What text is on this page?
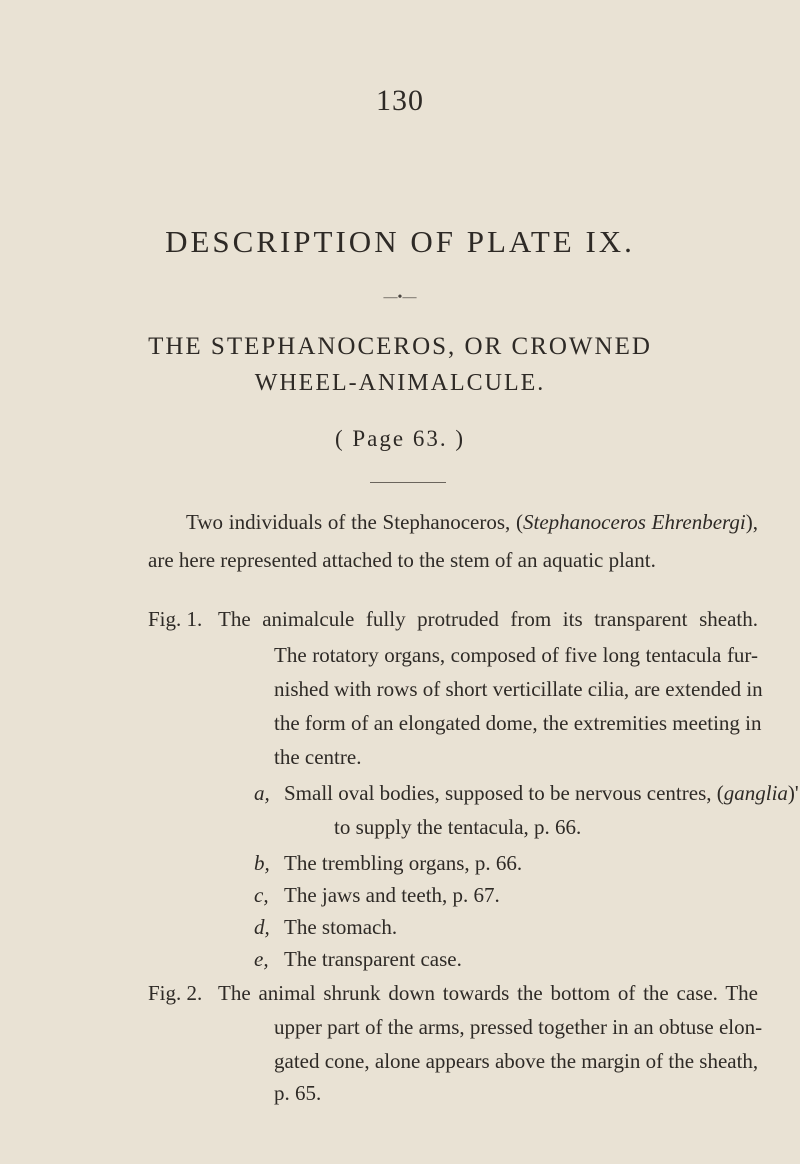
130
DESCRIPTION OF PLATE IX.
—•—
THE STEPHANOCEROS, OR CROWNED
WHEEL-ANIMALCULE.
( Page 63. )
Two individuals of the Stephanoceros, (Stephanoceros Ehrenbergi),
are here represented attached to the stem of an aquatic plant.
Fig. 1. The animalcule fully protruded from its transparent sheath.
The rotatory organs, composed of five long tentacula fur-
nished with rows of short verticillate cilia, are extended in
the form of an elongated dome, the extremities meeting in
the centre.
a, Small oval bodies, supposed to be nervous centres, (ganglia)'
to supply the tentacula, p. 66.
b, The trembling organs, p. 66.
c, The jaws and teeth, p. 67.
d, The stomach.
e, The transparent case.
Fig. 2. The animal shrunk down towards the bottom of the case. The
upper part of the arms, pressed together in an obtuse elon-
gated cone, alone appears above the margin of the sheath,
p. 65.
